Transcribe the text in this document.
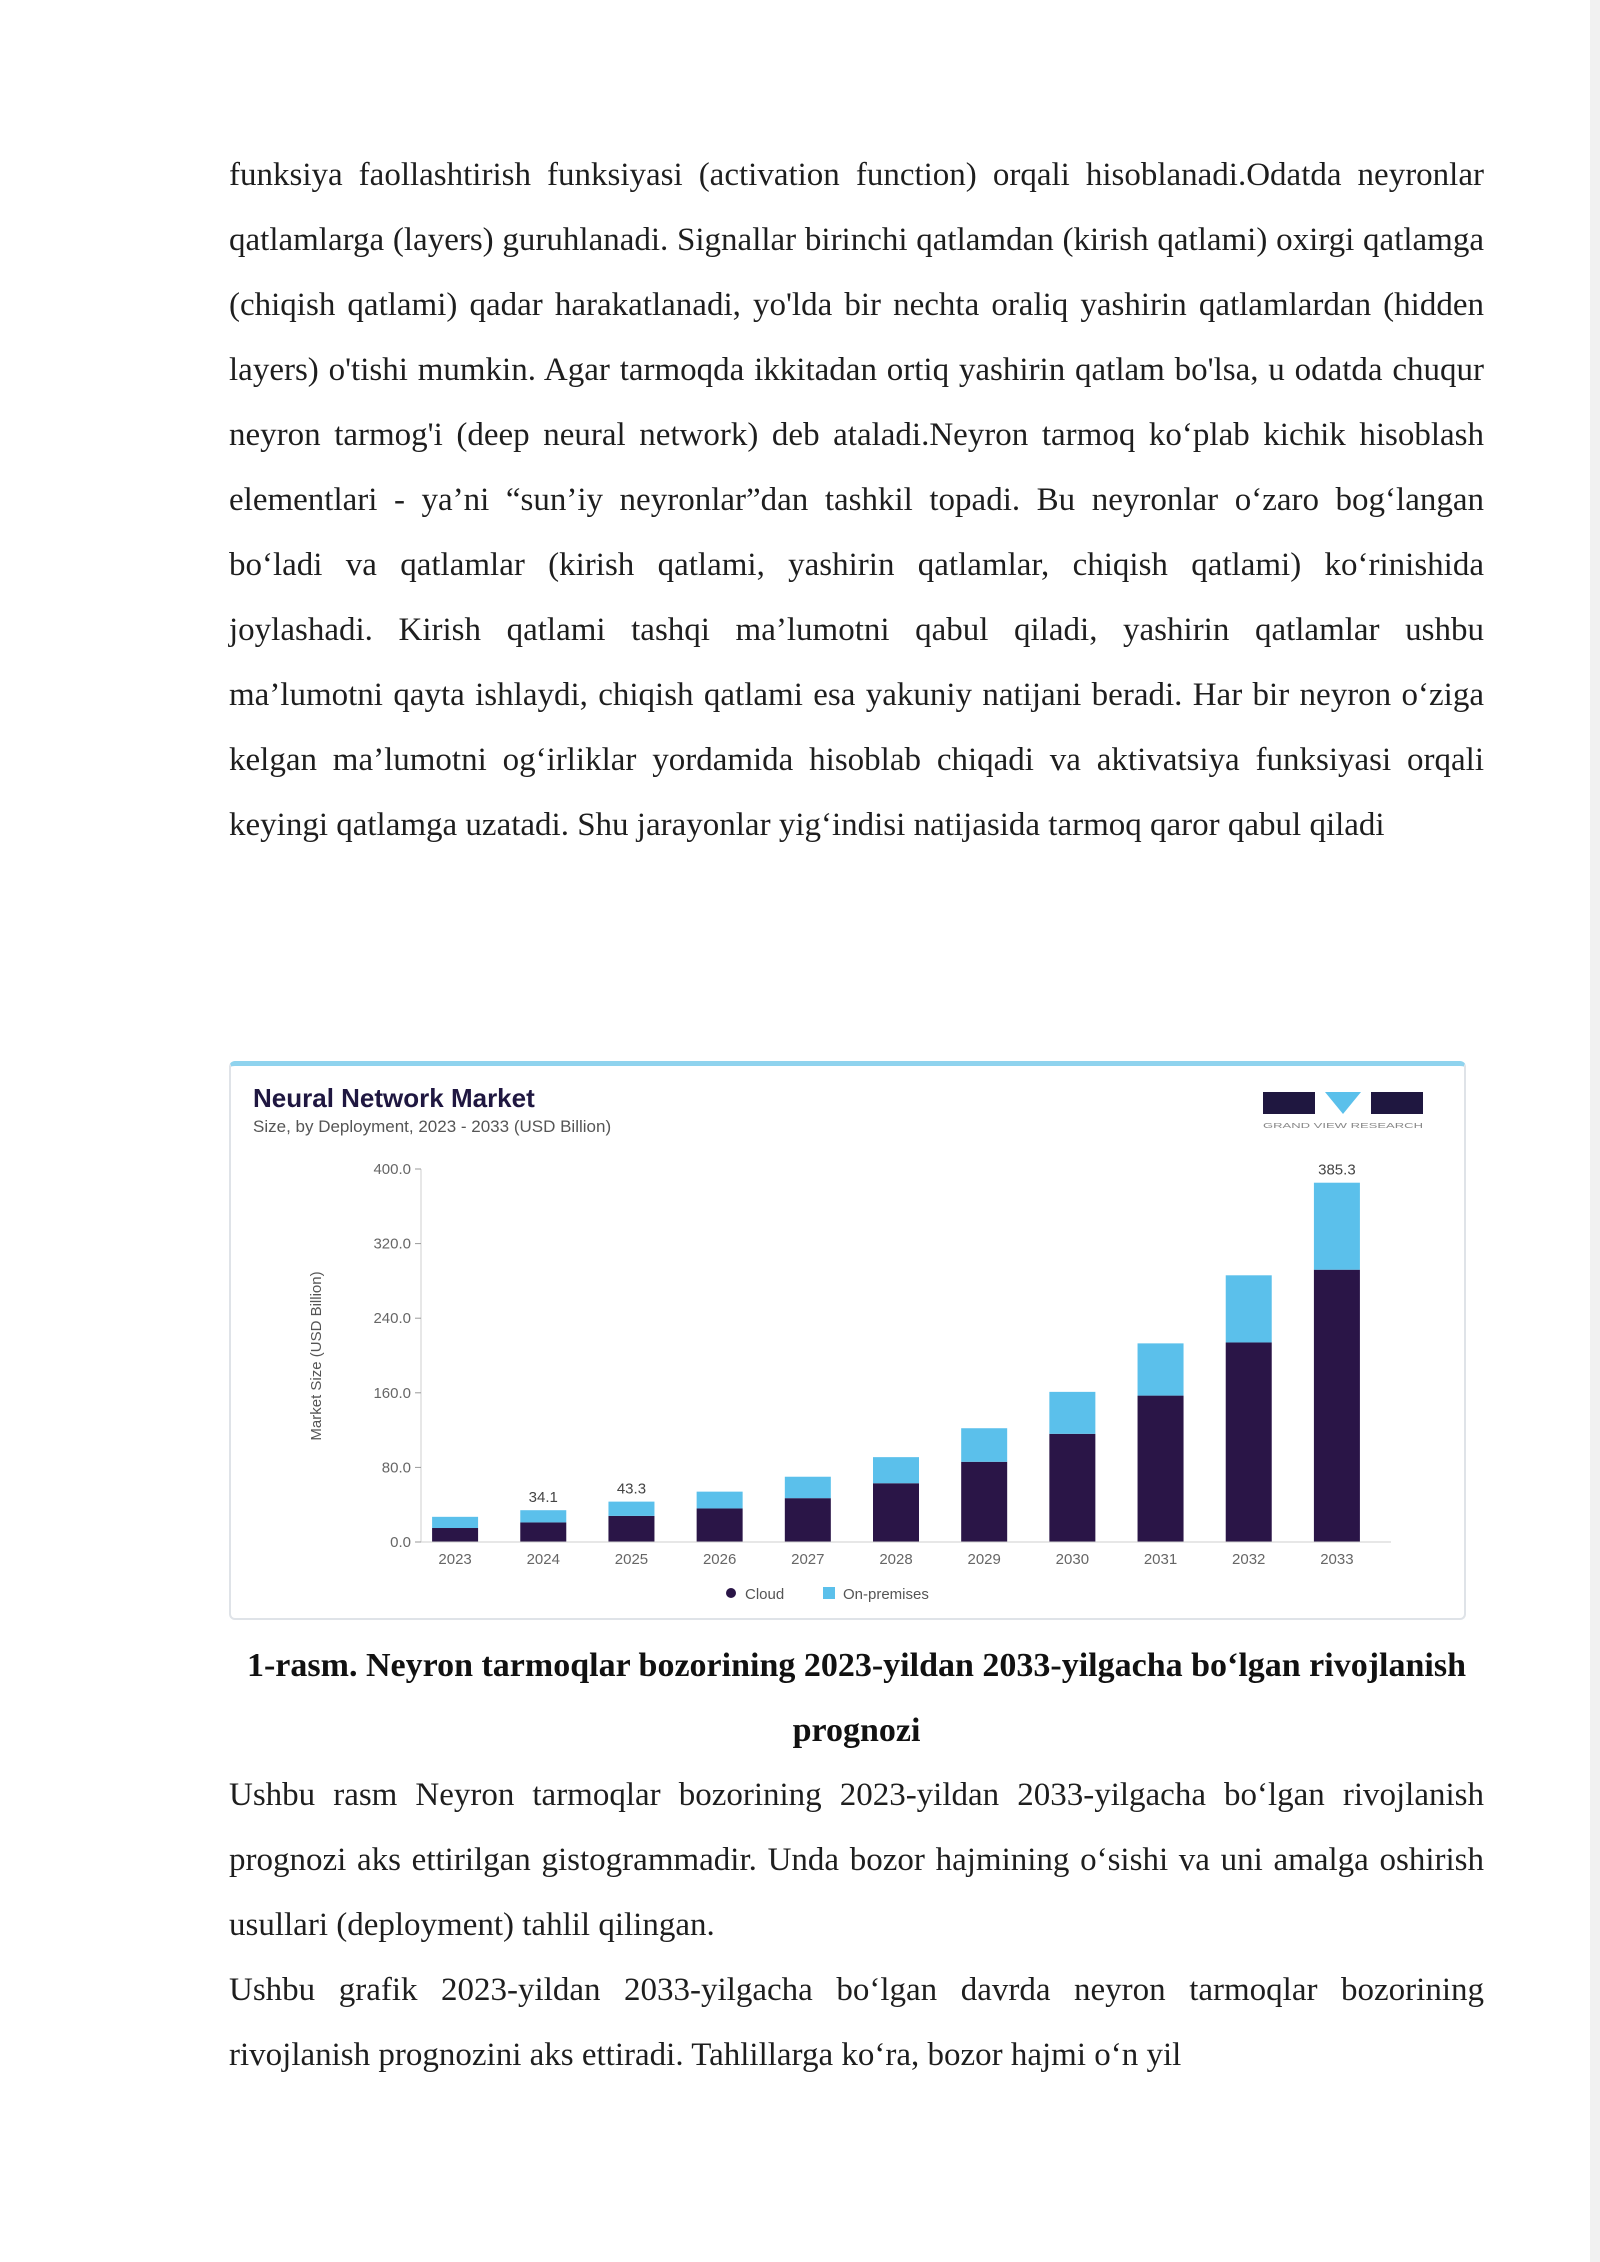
funksiya faollashtirish funksiyasi (activation function) orqali hisoblanadi.Odatda neyronlar qatlamlarga (layers) guruhlanadi. Signallar birinchi qatlamdan (kirish qatlami) oxirgi qatlamga (chiqish qatlami) qadar harakatlanadi, yo'lda bir nechta oraliq yashirin qatlamlardan (hidden layers) o'tishi mumkin. Agar tarmoqda ikkitadan ortiq yashirin qatlam bo'lsa, u odatda chuqur neyron tarmog'i (deep neural network) deb ataladi.Neyron tarmoq ko‘plab kichik hisoblash elementlari - ya’ni “sun’iy neyronlar”dan tashkil topadi. Bu neyronlar o‘zaro bog‘langan bo‘ladi va qatlamlar (kirish qatlami, yashirin qatlamlar, chiqish qatlami) ko‘rinishida joylashadi. Kirish qatlami tashqi ma’lumotni qabul qiladi, yashirin qatlamlar ushbu ma’lumotni qayta ishlaydi, chiqish qatlami esa yakuniy natijani beradi. Har bir neyron o‘ziga kelgan ma’lumotni og‘irliklar yordamida hisoblab chiqadi va aktivatsiya funksiyasi orqali keyingi qatlamga uzatadi. Shu jarayonlar yig‘indisi natijasida tarmoq qaror qabul qiladi
Neural Network Market
Size, by Deployment, 2023 - 2033 (USD Billion)	GRAND VIEW RESEARCH
Market Size (USD Billion)
0.0
80.0
160.0
240.0
320.0
400.0
2023	2024	2025	2026	2027	2028	2029	2030	2031	2032	2033
34.1
43.3
385.3
Cloud	On-premises
1-rasm. Neyron tarmoqlar bozorining 2023-yildan 2033-yilgacha bo‘lgan rivojlanish prognozi
Ushbu rasm Neyron tarmoqlar bozorining 2023-yildan 2033-yilgacha bo‘lgan rivojlanish prognozi aks ettirilgan gistogrammadir. Unda bozor hajmining o‘sishi va uni amalga oshirish usullari (deployment) tahlil qilingan.
Ushbu grafik 2023-yildan 2033-yilgacha bo‘lgan davrda neyron tarmoqlar bozorining rivojlanish prognozini aks ettiradi. Tahlillarga ko‘ra, bozor hajmi o‘n yil
